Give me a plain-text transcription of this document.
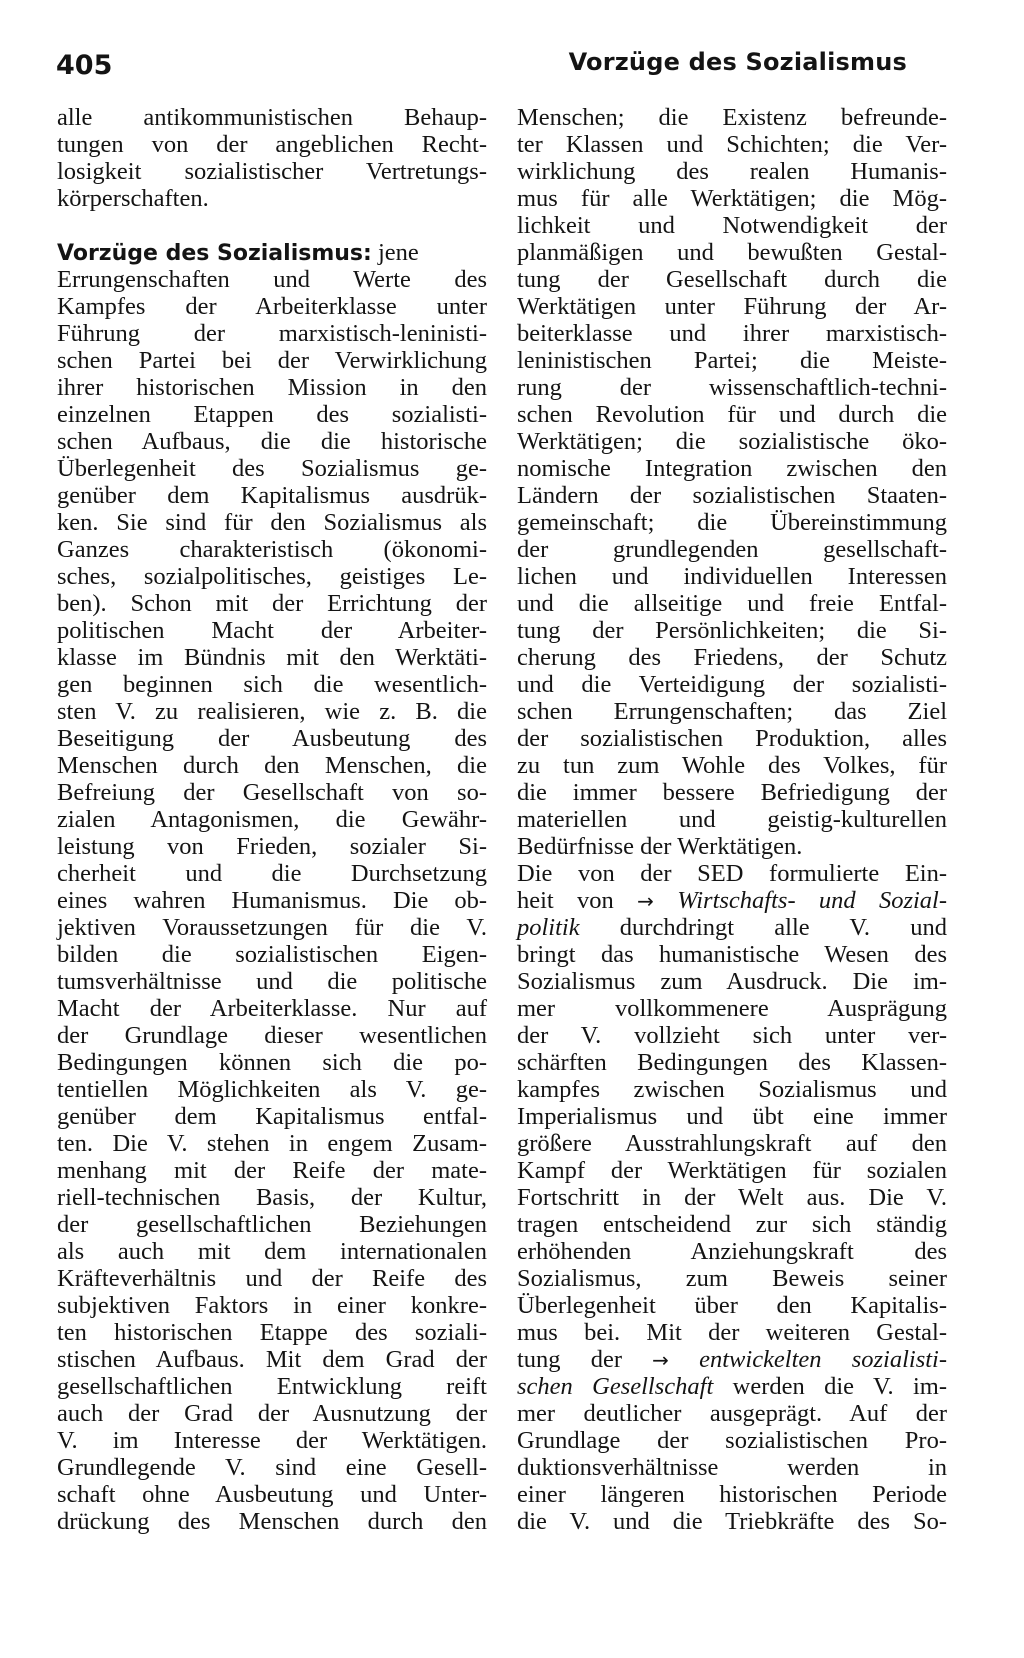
405	Vorzüge des Sozialismus
alle antikommunistischen Behaup-
tungen von der angeblichen Recht-
losigkeit sozialistischer Vertretungs-
körperschaften.
Vorzüge des Sozialismus: jene
Errungenschaften und Werte des
Kampfes der Arbeiterklasse unter
Führung der marxistisch-leninisti-
schen Partei bei der Verwirklichung
ihrer historischen Mission in den
einzelnen Etappen des sozialisti-
schen Aufbaus, die die historische
Überlegenheit des Sozialismus ge-
genüber dem Kapitalismus ausdrük-
ken. Sie sind für den Sozialismus als
Ganzes charakteristisch (ökonomi-
sches, sozialpolitisches, geistiges Le-
ben). Schon mit der Errichtung der
politischen Macht der Arbeiter-
klasse im Bündnis mit den Werktäti-
gen beginnen sich die wesentlich-
sten V. zu realisieren, wie z. B. die
Beseitigung der Ausbeutung des
Menschen durch den Menschen, die
Befreiung der Gesellschaft von so-
zialen Antagonismen, die Gewähr-
leistung von Frieden, sozialer Si-
cherheit und die Durchsetzung
eines wahren Humanismus. Die ob-
jektiven Voraussetzungen für die V.
bilden die sozialistischen Eigen-
tumsverhältnisse und die politische
Macht der Arbeiterklasse. Nur auf
der Grundlage dieser wesentlichen
Bedingungen können sich die po-
tentiellen Möglichkeiten als V. ge-
genüber dem Kapitalismus entfal-
ten. Die V. stehen in engem Zusam-
menhang mit der Reife der mate-
riell-technischen Basis, der Kultur,
der gesellschaftlichen Beziehungen
als auch mit dem internationalen
Kräfteverhältnis und der Reife des
subjektiven Faktors in einer konkre-
ten historischen Etappe des soziali-
stischen Aufbaus. Mit dem Grad der
gesellschaftlichen Entwicklung reift
auch der Grad der Ausnutzung der
V. im Interesse der Werktätigen.
Grundlegende V. sind eine Gesell-
schaft ohne Ausbeutung und Unter-
drückung des Menschen durch den
Menschen; die Existenz befreunde-
ter Klassen und Schichten; die Ver-
wirklichung des realen Humanis-
mus für alle Werktätigen; die Mög-
lichkeit und Notwendigkeit der
planmäßigen und bewußten Gestal-
tung der Gesellschaft durch die
Werktätigen unter Führung der Ar-
beiterklasse und ihrer marxistisch-
leninistischen Partei; die Meiste-
rung der wissenschaftlich-techni-
schen Revolution für und durch die
Werktätigen; die sozialistische öko-
nomische Integration zwischen den
Ländern der sozialistischen Staaten-
gemeinschaft; die Übereinstimmung
der grundlegenden gesellschaft-
lichen und individuellen Interessen
und die allseitige und freie Entfal-
tung der Persönlichkeiten; die Si-
cherung des Friedens, der Schutz
und die Verteidigung der sozialisti-
schen Errungenschaften; das Ziel
der sozialistischen Produktion, alles
zu tun zum Wohle des Volkes, für
die immer bessere Befriedigung der
materiellen und geistig-kulturellen
Bedürfnisse der Werktätigen.
Die von der SED formulierte Ein-
heit von → Wirtschafts- und Sozial-
politik durchdringt alle V. und
bringt das humanistische Wesen des
Sozialismus zum Ausdruck. Die im-
mer vollkommenere Ausprägung
der V. vollzieht sich unter ver-
schärften Bedingungen des Klassen-
kampfes zwischen Sozialismus und
Imperialismus und übt eine immer
größere Ausstrahlungskraft auf den
Kampf der Werktätigen für sozialen
Fortschritt in der Welt aus. Die V.
tragen entscheidend zur sich ständig
erhöhenden Anziehungskraft des
Sozialismus, zum Beweis seiner
Überlegenheit über den Kapitalis-
mus bei. Mit der weiteren Gestal-
tung der → entwickelten sozialisti-
schen Gesellschaft werden die V. im-
mer deutlicher ausgeprägt. Auf der
Grundlage der sozialistischen Pro-
duktionsverhältnisse werden in
einer längeren historischen Periode
die V. und die Triebkräfte des So-
